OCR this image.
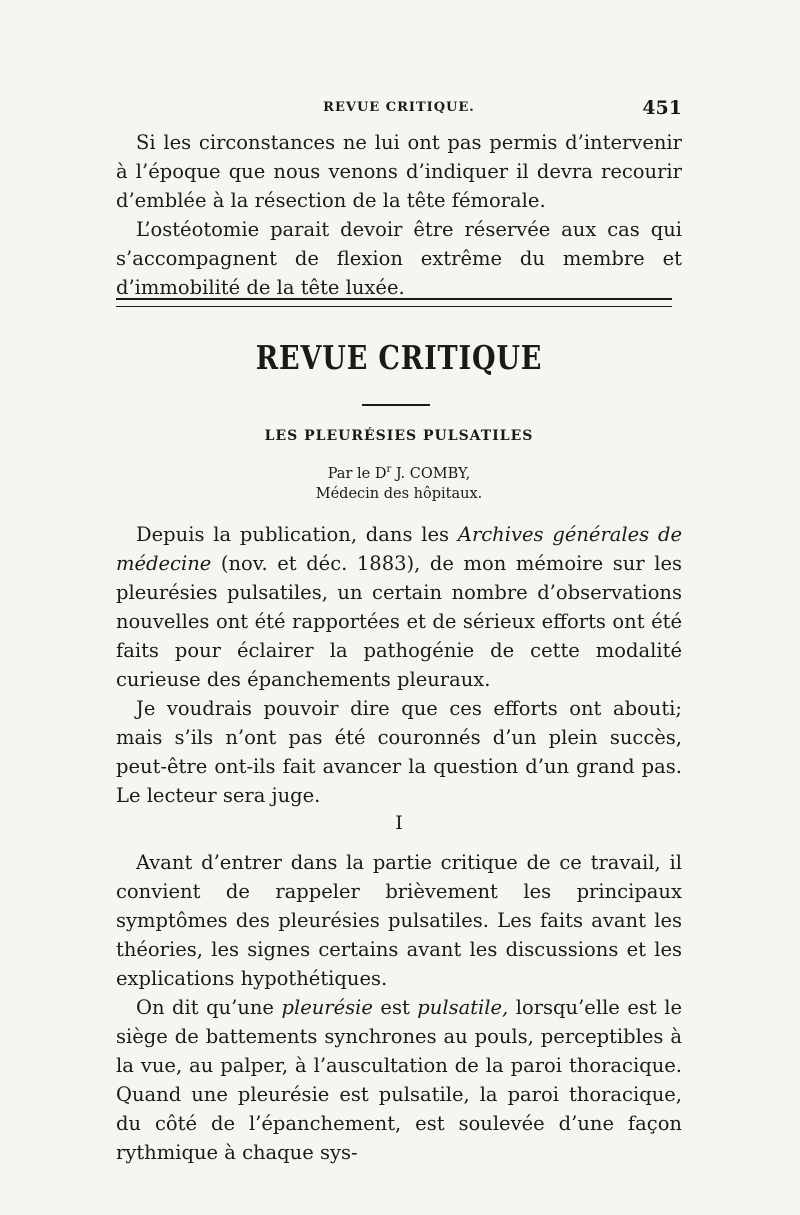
REVUE CRITIQUE.	451

Si les circonstances ne lui ont pas permis d’intervenir à l’époque que nous venons d’indiquer il devra recourir d’emblée à la résection de la tête fémorale.

L’ostéotomie parait devoir être réservée aux cas qui s’accompagnent de flexion extrême du membre et d’immobilité de la tête luxée.

REVUE CRITIQUE
LES PLEURÉSIES PULSATILES
Par le $D^r$ J. COMBY,
Médecin des hôpitaux.

Depuis la publication, dans les Archives générales de médecine (nov. et déc. 1883), de mon mémoire sur les pleurésies pulsatiles, un certain nombre d’observations nouvelles ont été rapportées et de sérieux efforts ont été faits pour éclairer la pathogénie de cette modalité curieuse des épanchements pleuraux.

Je voudrais pouvoir dire que ces efforts ont abouti; mais s’ils n’ont pas été couronnés d’un plein succès, peut-être ont-ils fait avancer la question d’un grand pas. Le lecteur sera juge.

I

Avant d’entrer dans la partie critique de ce travail, il convient de rappeler brièvement les principaux symptômes des pleurésies pulsatiles. Les faits avant les théories, les signes certains avant les discussions et les explications hypothétiques.

On dit qu’une pleurésie est pulsatile, lorsqu’elle est le siège de battements synchrones au pouls, perceptibles à la vue, au palper, à l’auscultation de la paroi thoracique. Quand une pleurésie est pulsatile, la paroi thoracique, du côté de l’épanchement, est soulevée d’une façon rythmique à chaque sys-
